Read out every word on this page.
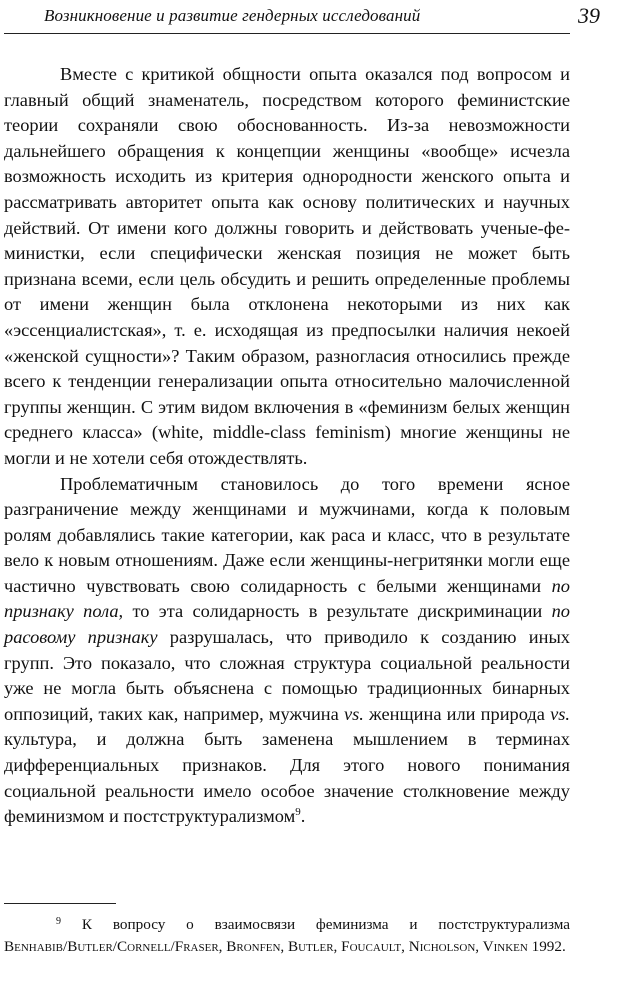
Возникновение и развитие гендерных исследований	39

Вместе с критикой общности опыта оказался под вопросом и главный общий знаменатель, посредством которого феминистские теории сохраняли свою обоснованность. Из-за невозможности дальнейшего обращения к концепции женщины «вообще» исчезла возможность исходить из критерия однородности женского опыта и рассматривать авторитет опыта как основу политических и научных действий. От имени кого должны говорить и действовать ученые-феминистки, если специфически женская позиция не может быть признана всеми, если цель обсудить и решить определенные проблемы от имени женщин была отклонена некоторыми из них как «эссенциалистская», т. е. исходящая из предпосылки наличия некоей «женской сущности»? Таким образом, разногласия относились прежде всего к тенденции генерализации опыта относительно малочисленной группы женщин. С этим видом включения в «феминизм белых женщин среднего класса» (white, middle-class feminism) многие женщины не могли и не хотели себя отождествлять.

Проблематичным становилось до того времени ясное разграничение между женщинами и мужчинами, когда к половым ролям добавлялись такие категории, как раса и класс, что в результате вело к новым отношениям. Даже если женщины-негритянки могли еще частично чувствовать свою солидарность с белыми женщинами по признаку пола, то эта солидарность в результате дискриминации по расовому признаку разрушалась, что приводило к созданию иных групп. Это показало, что сложная структура социальной реальности уже не могла быть объяснена с помощью традиционных бинарных оппозиций, таких как, например, мужчина vs. женщина или природа vs. культура, и должна быть заменена мышлением в терминах дифференциальных признаков. Для этого нового понимания социальной реальности имело особое значение столкновение между феминизмом и постструктурализмом$^9$.

$^9$ К вопросу о взаимосвязи феминизма и постструктурализма Benhabib/Butler/Cornell/Fraser, Bronfen, Butler, Foucault, Nicholson, Vinken 1992.
